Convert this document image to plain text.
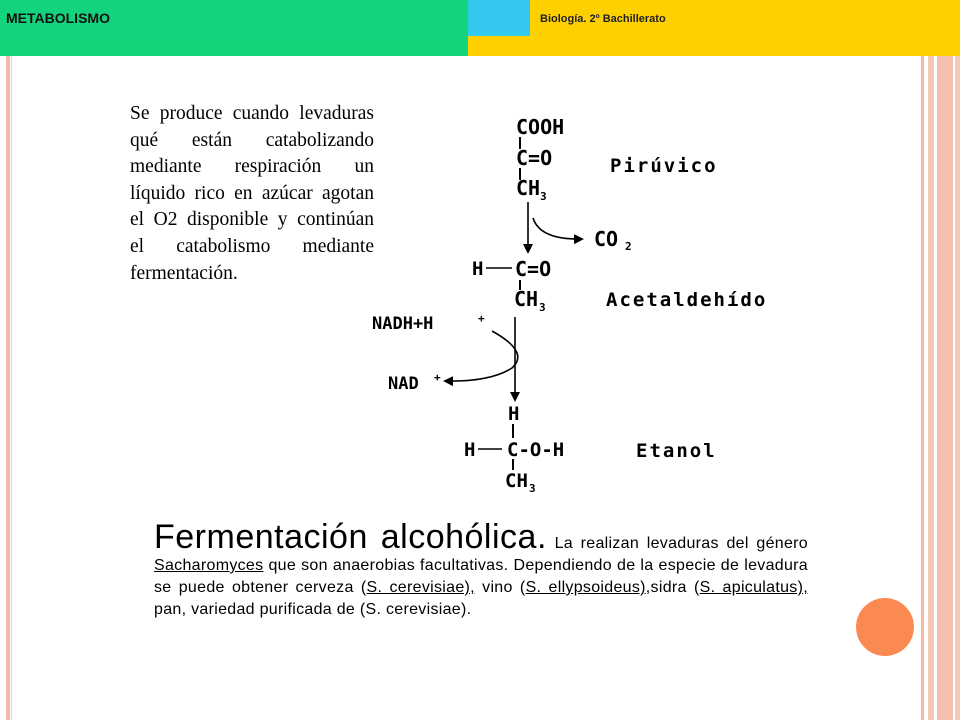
METABOLISMO	Biología. 2º Bachillerato
Se produce cuando levaduras qué están catabolizando mediante respiración un líquido rico en azúcar agotan el O2 disponible y continúan el catabolismo mediante fermentación.
COOH
C=O
CH 3
Pirúvico
CO 2
H C=O
CH 3	Acetaldehído
NADH+H	+
NAD +
H
H C-O-H
CH 3
Etanol
Fermentación alcohólica. La realizan levaduras del género Sacharomyces que son anaerobias facultativas. Dependiendo de la especie de levadura se puede obtener cerveza (S. cerevisiae), vino (S. ellypsoideus),sidra (S. apiculatus), pan, variedad purificada de (S. cerevisiae).
